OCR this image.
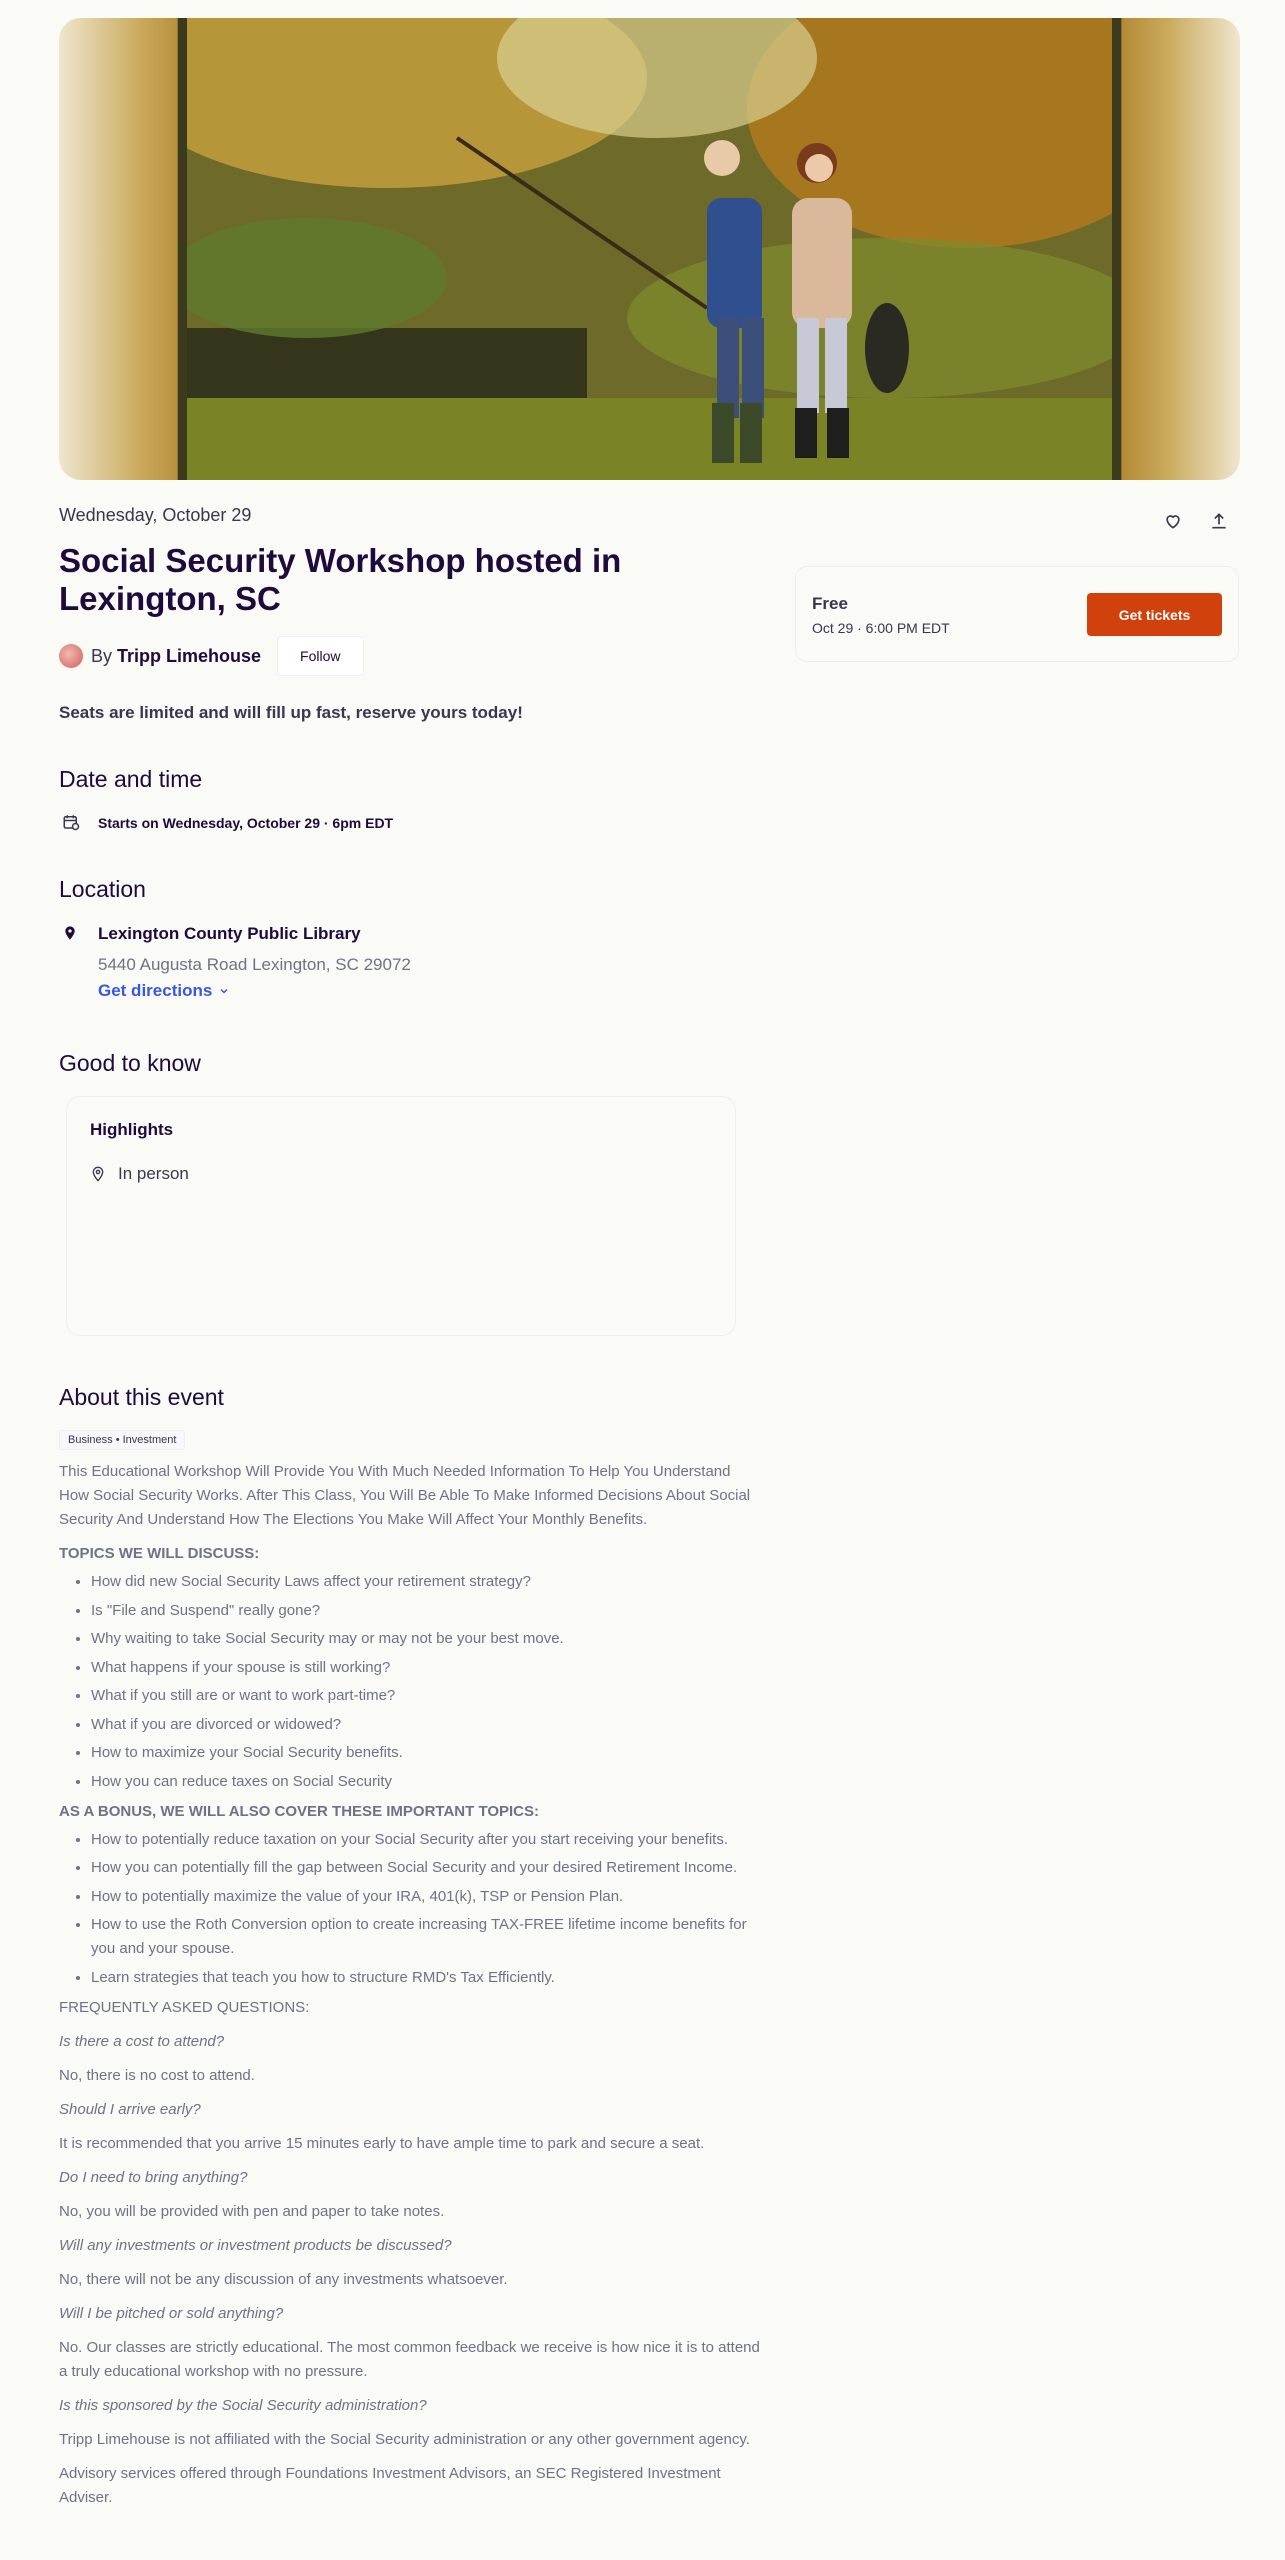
Wednesday, October 29
Social Security Workshop hosted in Lexington, SC
By Tripp Limehouse	Follow
Seats are limited and will fill up fast, reserve yours today!
Date and time
Starts on Wednesday, October 29 · 6pm EDT
Location
Lexington County Public Library
5440 Augusta Road Lexington, SC 29072
Get directions
Good to know
Highlights
In person
About this event
Business • Investment

This Educational Workshop Will Provide You With Much Needed Information To Help You Understand How Social Security Works. After This Class, You Will Be Able To Make Informed Decisions About Social Security And Understand How The Elections You Make Will Affect Your Monthly Benefits.

TOPICS WE WILL DISCUSS:

• How did new Social Security Laws affect your retirement strategy?
• Is "File and Suspend" really gone?
• Why waiting to take Social Security may or may not be your best move.
• What happens if your spouse is still working?
• What if you still are or want to work part-time?
• What if you are divorced or widowed?
• How to maximize your Social Security benefits.
• How you can reduce taxes on Social Security

AS A BONUS, WE WILL ALSO COVER THESE IMPORTANT TOPICS:

• How to potentially reduce taxation on your Social Security after you start receiving your benefits.
• How you can potentially fill the gap between Social Security and your desired Retirement Income.
• How to potentially maximize the value of your IRA, 401(k), TSP or Pension Plan.
• How to use the Roth Conversion option to create increasing TAX-FREE lifetime income benefits for you and your spouse.
• Learn strategies that teach you how to structure RMD's Tax Efficiently.

FREQUENTLY ASKED QUESTIONS:

Is there a cost to attend?

No, there is no cost to attend.

Should I arrive early?

It is recommended that you arrive 15 minutes early to have ample time to park and secure a seat.

Do I need to bring anything?

No, you will be provided with pen and paper to take notes.

Will any investments or investment products be discussed?

No, there will not be any discussion of any investments whatsoever.

Will I be pitched or sold anything?

No. Our classes are strictly educational. The most common feedback we receive is how nice it is to attend a truly educational workshop with no pressure.

Is this sponsored by the Social Security administration?

Tripp Limehouse is not affiliated with the Social Security administration or any other government agency.

Advisory services offered through Foundations Investment Advisors, an SEC Registered Investment Adviser.

Free
Oct 29 · 6:00 PM EDT
Get tickets
